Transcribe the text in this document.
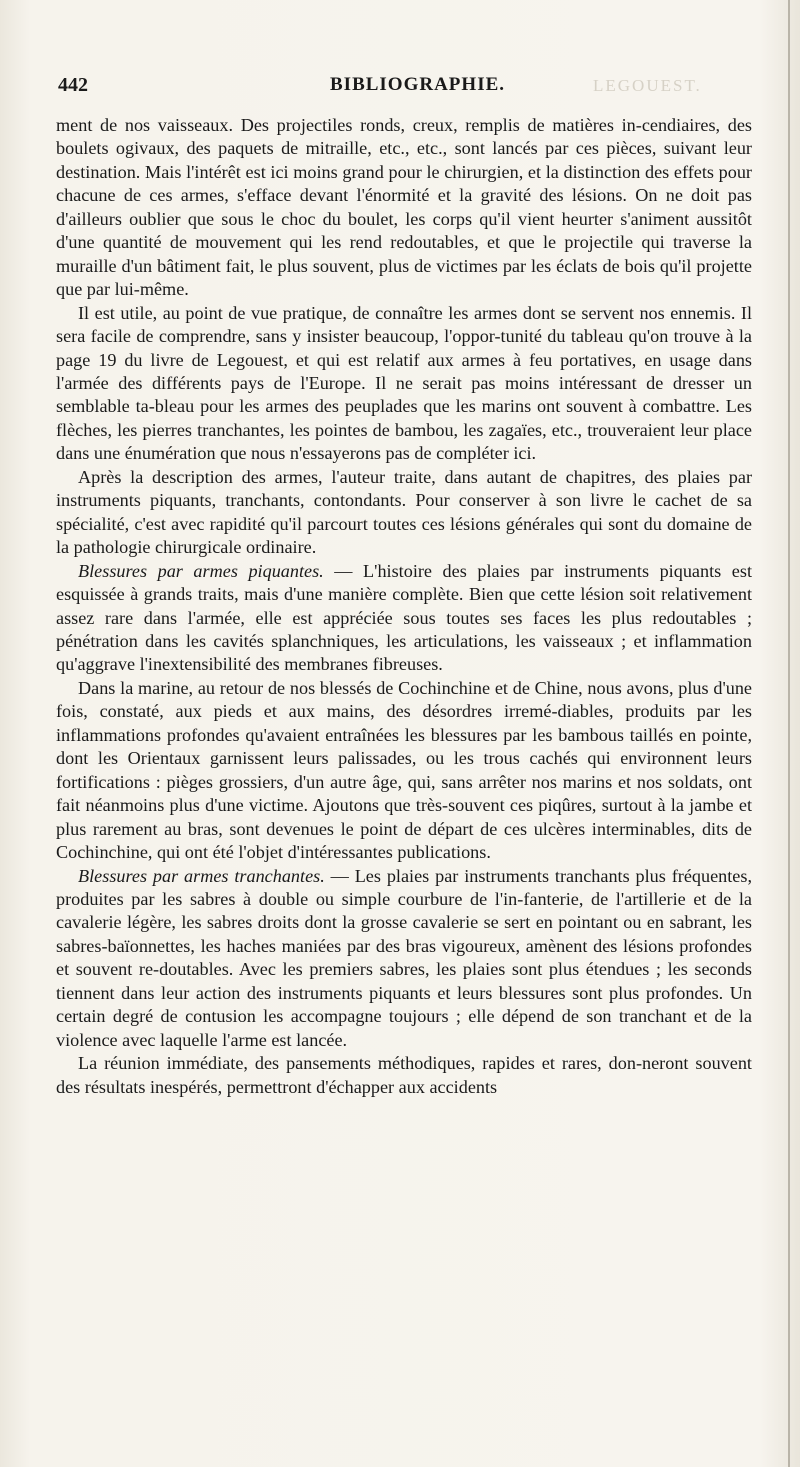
442	BIBLIOGRAPHIE.	LEGOUEST.

ment de nos vaisseaux. Des projectiles ronds, creux, remplis de matières in-cendiaires, des boulets ogivaux, des paquets de mitraille, etc., etc., sont lancés par ces pièces, suivant leur destination. Mais l'intérêt est ici moins grand pour le chirurgien, et la distinction des effets pour chacune de ces armes, s'efface devant l'énormité et la gravité des lésions. On ne doit pas d'ailleurs oublier que sous le choc du boulet, les corps qu'il vient heurter s'animent aussitôt d'une quantité de mouvement qui les rend redoutables, et que le projectile qui traverse la muraille d'un bâtiment fait, le plus souvent, plus de victimes par les éclats de bois qu'il projette que par lui-même.

Il est utile, au point de vue pratique, de connaître les armes dont se servent nos ennemis. Il sera facile de comprendre, sans y insister beaucoup, l'oppor-tunité du tableau qu'on trouve à la page 19 du livre de Legouest, et qui est relatif aux armes à feu portatives, en usage dans l'armée des différents pays de l'Europe. Il ne serait pas moins intéressant de dresser un semblable ta-bleau pour les armes des peuplades que les marins ont souvent à combattre. Les flèches, les pierres tranchantes, les pointes de bambou, les zagaïes, etc., trouveraient leur place dans une énumération que nous n'essayerons pas de compléter ici.

Après la description des armes, l'auteur traite, dans autant de chapitres, des plaies par instruments piquants, tranchants, contondants. Pour conserver à son livre le cachet de sa spécialité, c'est avec rapidité qu'il parcourt toutes ces lésions générales qui sont du domaine de la pathologie chirurgicale ordinaire.

Blessures par armes piquantes. — L'histoire des plaies par instruments piquants est esquissée à grands traits, mais d'une manière complète. Bien que cette lésion soit relativement assez rare dans l'armée, elle est appréciée sous toutes ses faces les plus redoutables ; pénétration dans les cavités splanchniques, les articulations, les vaisseaux ; et inflammation qu'aggrave l'inextensibilité des membranes fibreuses.

Dans la marine, au retour de nos blessés de Cochinchine et de Chine, nous avons, plus d'une fois, constaté, aux pieds et aux mains, des désordres irremé-diables, produits par les inflammations profondes qu'avaient entraînées les blessures par les bambous taillés en pointe, dont les Orientaux garnissent leurs palissades, ou les trous cachés qui environnent leurs fortifications : pièges grossiers, d'un autre âge, qui, sans arrêter nos marins et nos soldats, ont fait néanmoins plus d'une victime. Ajoutons que très-souvent ces piqûres, surtout à la jambe et plus rarement au bras, sont devenues le point de départ de ces ulcères interminables, dits de Cochinchine, qui ont été l'objet d'intéressantes publications.

Blessures par armes tranchantes. — Les plaies par instruments tranchants plus fréquentes, produites par les sabres à double ou simple courbure de l'in-fanterie, de l'artillerie et de la cavalerie légère, les sabres droits dont la grosse cavalerie se sert en pointant ou en sabrant, les sabres-baïonnettes, les haches maniées par des bras vigoureux, amènent des lésions profondes et souvent re-doutables. Avec les premiers sabres, les plaies sont plus étendues ; les seconds tiennent dans leur action des instruments piquants et leurs blessures sont plus profondes. Un certain degré de contusion les accompagne toujours ; elle dépend de son tranchant et de la violence avec laquelle l'arme est lancée.

La réunion immédiate, des pansements méthodiques, rapides et rares, don-neront souvent des résultats inespérés, permettront d'échapper aux accidents
